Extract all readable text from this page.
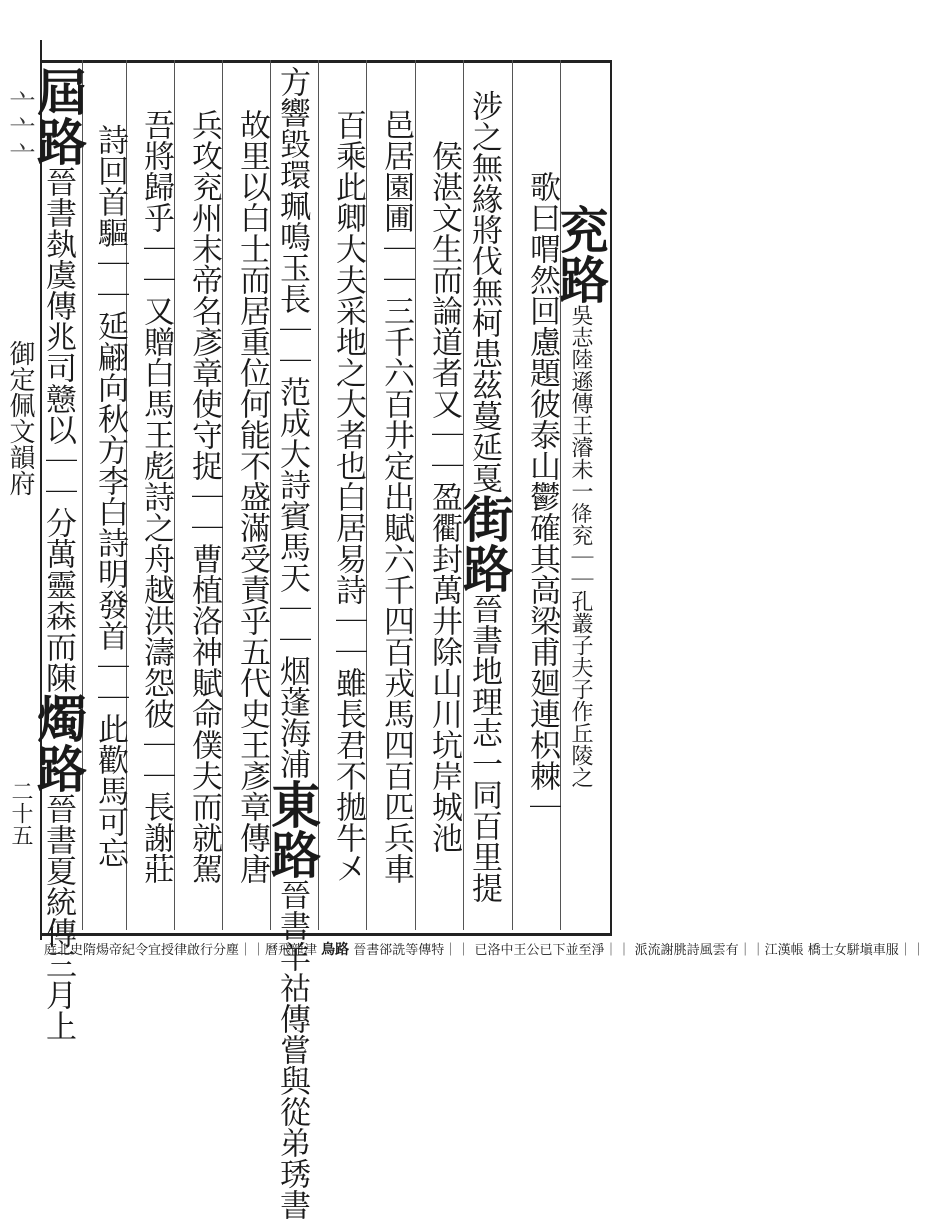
亠亠亠
御定佩文韻府
二十五
兖路吳志陸遜傳王濬未一𢓤兖｜｜孔叢子夫子作丘陵之
歌曰喟然回慮題彼泰山鬱確其高梁甫廻連枳棘｜
涉之無緣將伐無柯患茲蔓延戛街路晉書地理志一同百里提
侯湛文生而論道者又｜｜盈衢封萬井除山川坑岸城池
邑居園圃｜｜三千六百井定出賦六千四百戎馬四百匹兵車
百乘此卿大夫采地之大者也白居易詩｜｜雖長君不拋牛㐅
方響毀環珮鳴玉長｜｜范成大詩賓馬天｜｜烟蓬海浦東路晉書羊祜傳嘗與從弟琇書
故里以白士而居重位何能不盛滿受責乎五代史王彥章傳唐
兵攻兖州末帝名彥章使守捉｜｜曹植洛神賦命僕夫而就駕
吾將歸乎｜｜又贈白馬王彪詩之舟越洪濤怨彼｜｜長謝莊
詩回首驅｜｜延翩向秋方李白詩明發首｜｜此歡馬可忘
屆路晉書埶虞傳兆司戆以｜｜分萬靈森而陳燭路晉書夏統傳三月上
庭北史隋煬帝紀令宜授律啟行分塵｜｜曆飛龍津 鳥路 晉書郤詵等傳特｜｜ 已洛中王公已下並至淨｜｜ 派流謝朓詩風雲有｜｜江漢帳 橋士女駢塡車服｜｜
